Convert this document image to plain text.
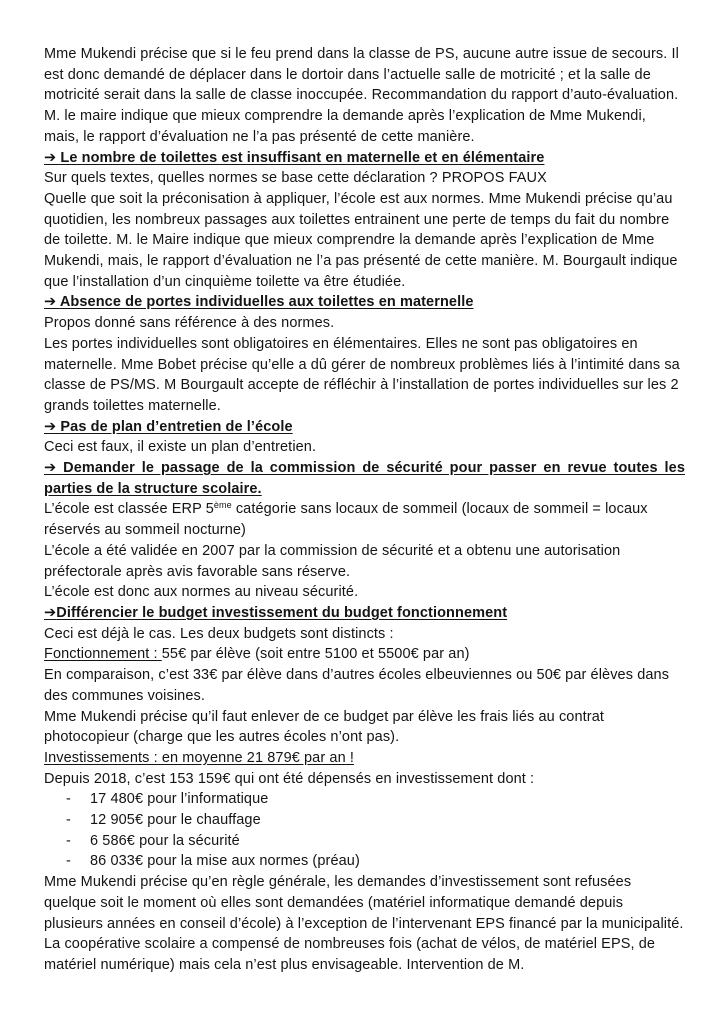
Mme Mukendi précise que si le feu prend dans la classe de PS, aucune autre issue de secours. Il est donc demandé de déplacer dans le dortoir dans l’actuelle salle de motricité ; et la salle de motricité serait dans la salle de classe inoccupée. Recommandation du rapport d’auto-évaluation. M. le maire indique que mieux comprendre la demande après l’explication de Mme Mukendi, mais, le rapport d’évaluation ne l’a pas présenté de cette manière.
➔ Le nombre de toilettes est insuffisant en maternelle et en élémentaire
Sur quels textes, quelles normes se base cette déclaration ? PROPOS FAUX
Quelle que soit la préconisation à appliquer, l’école est aux normes. Mme Mukendi précise qu’au quotidien, les nombreux passages aux toilettes entrainent une perte de temps du fait du nombre de toilette. M. le Maire indique que mieux comprendre la demande après l’explication de Mme Mukendi, mais, le rapport d’évaluation ne l’a pas présenté de cette manière. M. Bourgault indique que l’installation d’un cinquième toilette va être étudiée.
➔ Absence de portes individuelles aux toilettes en maternelle
Propos donné sans référence à des normes.
Les portes individuelles sont obligatoires en élémentaires. Elles ne sont pas obligatoires en maternelle. Mme Bobet précise qu’elle a dû gérer de nombreux problèmes liés à l’intimité dans sa classe de PS/MS. M Bourgault accepte de réfléchir à l’installation de portes individuelles sur les 2 grands toilettes maternelle.
➔ Pas de plan d’entretien de l’école
Ceci est faux, il existe un plan d’entretien.
➔ Demander le passage de la commission de sécurité pour passer en revue toutes les parties de la structure scolaire.
L’école est classée ERP 5ème catégorie sans locaux de sommeil (locaux de sommeil = locaux réservés au sommeil nocturne)
L’école a été validée en 2007 par la commission de sécurité et a obtenu une autorisation préfectorale après avis favorable sans réserve.
L’école est donc aux normes au niveau sécurité.
➔Différencier le budget investissement du budget fonctionnement
Ceci est déjà le cas. Les deux budgets sont distincts :
Fonctionnement : 55€ par élève (soit entre 5100 et 5500€ par an)
En comparaison, c’est 33€ par élève dans d’autres écoles elbeuviennes ou 50€ par élèves dans des communes voisines.
Mme Mukendi précise qu’il faut enlever de ce budget par élève les frais liés au contrat photocopieur (charge que les autres écoles n’ont pas).
Investissements : en moyenne 21 879€ par an !
Depuis 2018, c’est 153 159€ qui ont été dépensés en investissement dont :
- 17 480€ pour l’informatique
- 12 905€ pour le chauffage
- 6 586€ pour la sécurité
- 86 033€ pour la mise aux normes (préau)
Mme Mukendi précise qu’en règle générale, les demandes d’investissement sont refusées quelque soit le moment où elles sont demandées (matériel informatique demandé depuis plusieurs années en conseil d’école) à l’exception de l’intervenant EPS financé par la municipalité. La coopérative scolaire a compensé de nombreuses fois (achat de vélos, de matériel EPS, de matériel numérique) mais cela n’est plus envisageable. Intervention de M.
